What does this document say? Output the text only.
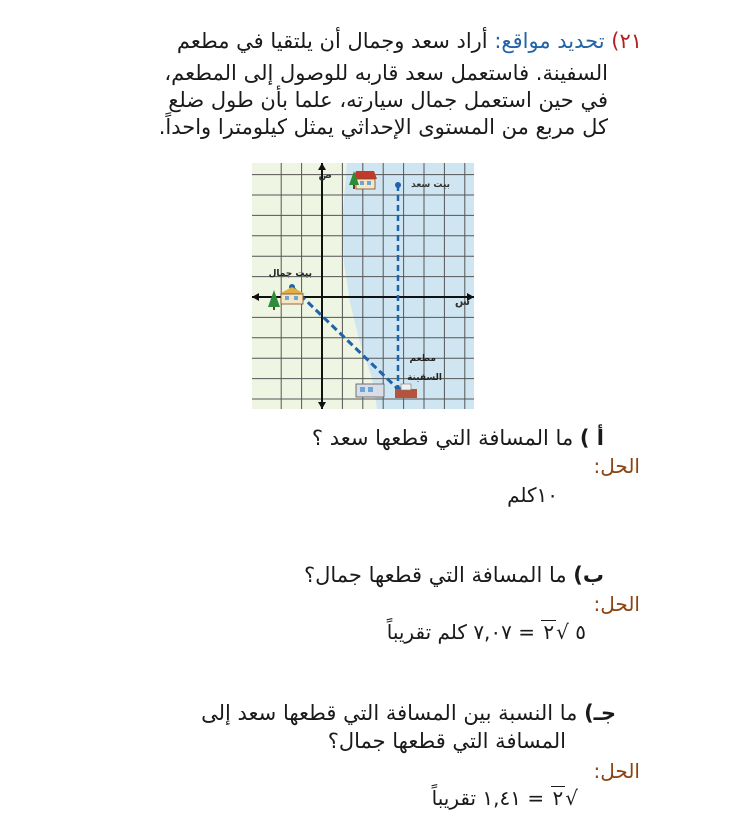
٢١) تحديد مواقع: أراد سعد وجمال أن يلتقيا في مطعم
السفينة. فاستعمل سعد قاربه للوصول إلى المطعم،
في حين استعمل جمال سيارته، علما بأن طول ضلع
كل مربع من المستوى الإحداثي يمثل كيلومترا واحداً.
ص
س
بيت سعد
بيت جمال
مطعم
السفينة
أ ) ما المسافة التي قطعها سعد ؟
الحل:
١٠كلم
ب) ما المسافة التي قطعها جمال؟
الحل:
٥ √٢ = ٧,٠٧ كلم تقريباً
جـ) ما النسبة بين المسافة التي قطعها سعد إلى
المسافة التي قطعها جمال؟
الحل:
√٢ = ١,٤١ تقريباً
